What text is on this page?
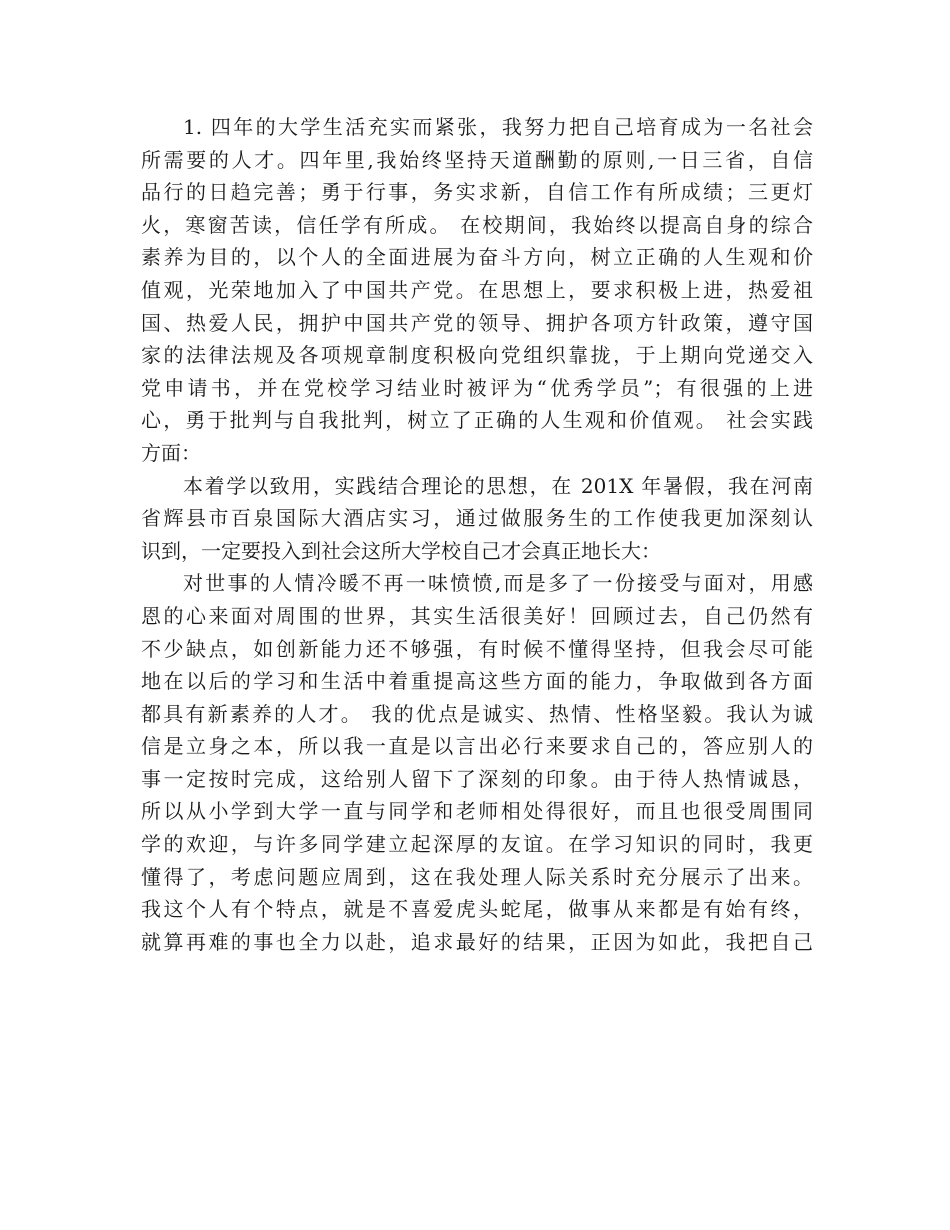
1. 四年的大学生活充实而紧张，我努力把自己培育成为一名社会
所需要的人才。四年里,我始终坚持天道酬勤的原则,一日三省，自信
品行的日趋完善；勇于行事，务实求新，自信工作有所成绩；三更灯
火，寒窗苦读，信任学有所成。 在校期间，我始终以提高自身的综合
素养为目的，以个人的全面进展为奋斗方向，树立正确的人生观和价
值观，光荣地加入了中国共产党。在思想上，要求积极上进，热爱祖
国、热爱人民，拥护中国共产党的领导、拥护各项方针政策，遵守国
家的法律法规及各项规章制度积极向党组织靠拢，于上期向党递交入
党申请书，并在党校学习结业时被评为“优秀学员”；有很强的上进
心，勇于批判与自我批判，树立了正确的人生观和价值观。 社会实践
方面：
本着学以致用，实践结合理论的思想，在 201X 年暑假，我在河南
省辉县市百泉国际大酒店实习，通过做服务生的工作使我更加深刻认
识到，一定要投入到社会这所大学校自己才会真正地长大：
对世事的人情冷暖不再一味愤愤,而是多了一份接受与面对，用感
恩的心来面对周围的世界，其实生活很美好！回顾过去，自己仍然有
不少缺点，如创新能力还不够强，有时候不懂得坚持，但我会尽可能
地在以后的学习和生活中着重提高这些方面的能力，争取做到各方面
都具有新素养的人才。 我的优点是诚实、热情、性格坚毅。我认为诚
信是立身之本，所以我一直是以言出必行来要求自己的，答应别人的
事一定按时完成，这给别人留下了深刻的印象。由于待人热情诚恳，
所以从小学到大学一直与同学和老师相处得很好，而且也很受周围同
学的欢迎，与许多同学建立起深厚的友谊。在学习知识的同时，我更
懂得了，考虑问题应周到，这在我处理人际关系时充分展示了出来。
我这个人有个特点，就是不喜爱虎头蛇尾，做事从来都是有始有终，
就算再难的事也全力以赴，追求最好的结果，正因为如此，我把自己
